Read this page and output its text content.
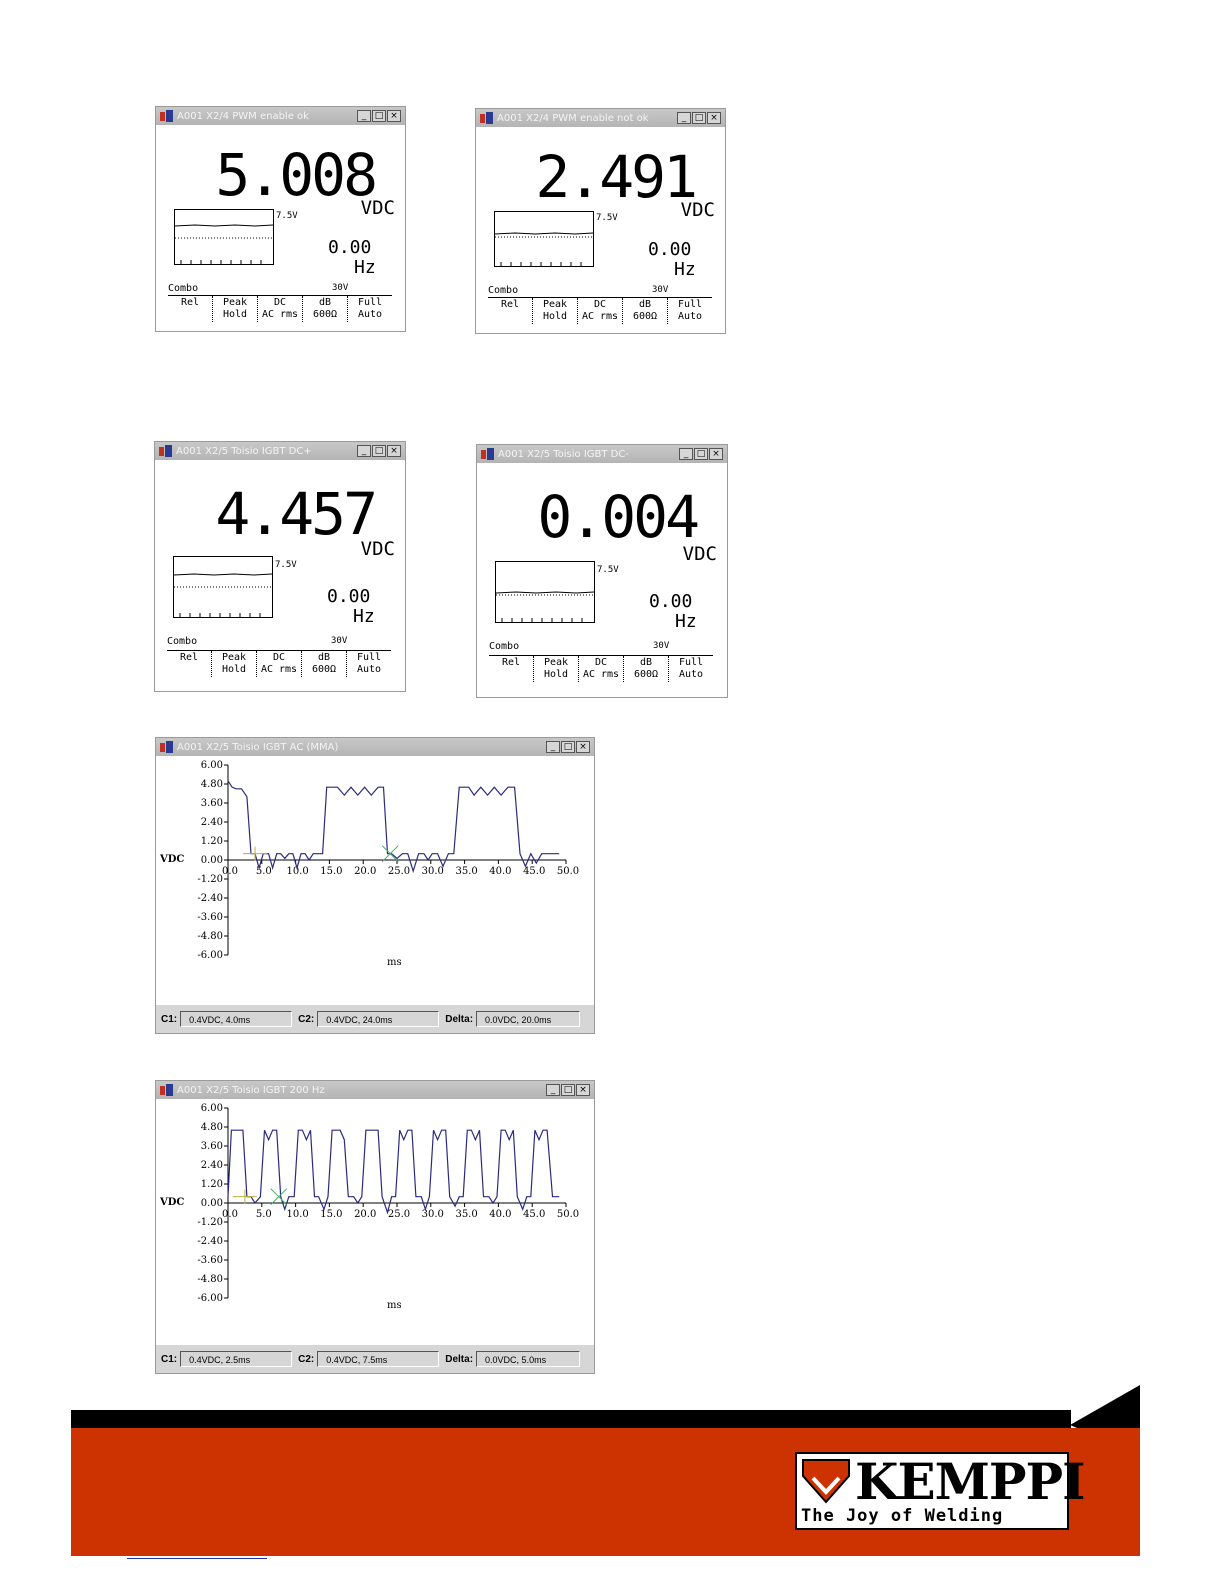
A001 X2/4 PWM enable ok	_ □ ×
5.008
VDC
7.5V
0.00
Hz
Combo	30V
Rel	Peak
Hold
DC
AC rms
dB
600Ω
Full
Auto
A001 X2/4 PWM enable not ok	_ □ ×
2.491
VDC
7.5V
0.00
Hz
Combo	30V
Rel	Peak
Hold
DC
AC rms
dB
600Ω
Full
Auto
A001 X2/5 Toisio IGBT DC+	_ □ ×
4.457
VDC
7.5V
0.00
Hz
Combo	30V
Rel	Peak
Hold
DC
AC rms
dB
600Ω
Full
Auto
A001 X2/5 Toisio IGBT DC-	_ □ ×
0.004
VDC
7.5V
0.00
Hz
Combo	30V
Rel	Peak
Hold
DC
AC rms
dB
600Ω
Full
Auto
A001 X2/5 Toisio IGBT AC (MMA)	_ □ ×
6.00
4.80
3.60
2.40
1.20
0.00
-1.20
-2.40
-3.60
-4.80
-6.00
0.0 5.0 10.0 15.0 20.0 25.0 30.0 35.0 40.0 45.0 50.0
VDC
ms
C1:	0.4VDC, 4.0ms	C2:	0.4VDC, 24.0ms	Delta:	0.0VDC, 20.0ms
A001 X2/5 Toisio IGBT 200 Hz	_ □ ×
6.00
4.80
3.60
2.40
1.20
0.00
-1.20
-2.40
-3.60
-4.80
-6.00
0.0 5.0 10.0 15.0 20.0 25.0 30.0 35.0 40.0 45.0 50.0
VDC
ms
C1:	0.4VDC, 2.5ms	C2:	0.4VDC, 7.5ms	Delta:	0.0VDC, 5.0ms
KEMPPI
The Joy of Welding
